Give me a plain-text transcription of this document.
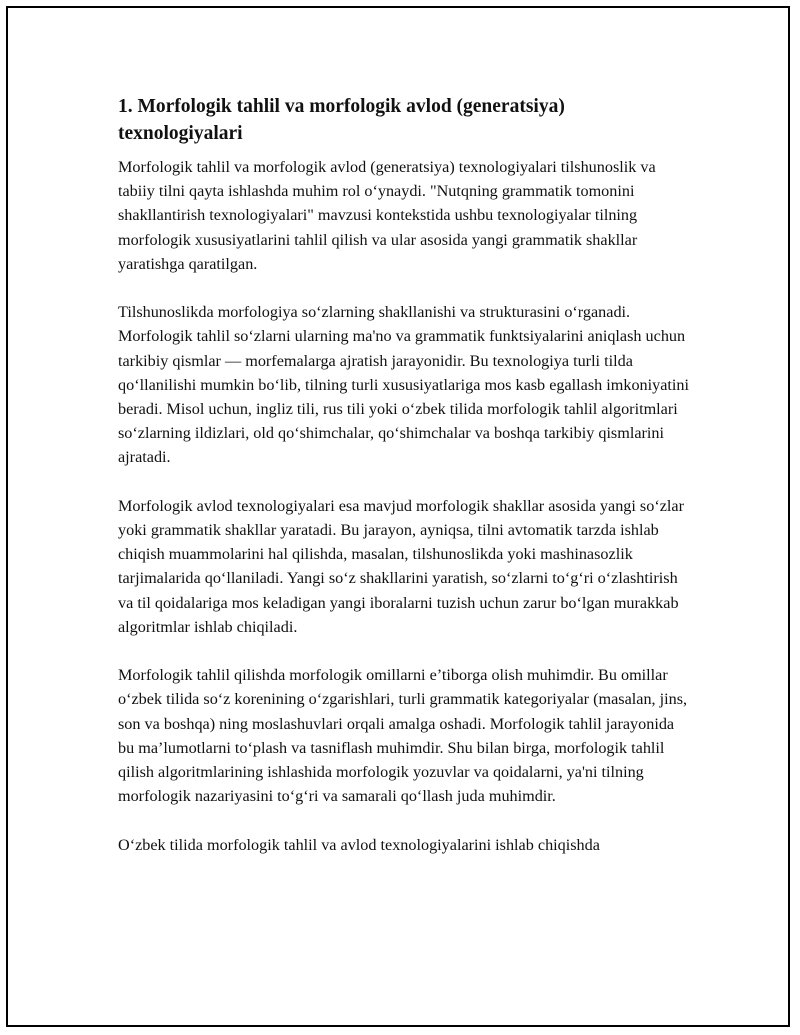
1. Morfologik tahlil va morfologik avlod (generatsiya) texnologiyalari

Morfologik tahlil va morfologik avlod (generatsiya) texnologiyalari tilshunoslik va tabiiy tilni qayta ishlashda muhim rol o‘ynaydi. "Nutqning grammatik tomonini shakllantirish texnologiyalari" mavzusi kontekstida ushbu texnologiyalar tilning morfologik xususiyatlarini tahlil qilish va ular asosida yangi grammatik shakllar yaratishga qaratilgan.

Tilshunoslikda morfologiya so‘zlarning shakllanishi va strukturasini o‘rganadi. Morfologik tahlil so‘zlarni ularning ma'no va grammatik funktsiyalarini aniqlash uchun tarkibiy qismlar — morfemalarga ajratish jarayonidir. Bu texnologiya turli tilda qo‘llanilishi mumkin bo‘lib, tilning turli xususiyatlariga mos kasb egallash imkoniyatini beradi. Misol uchun, ingliz tili, rus tili yoki o‘zbek tilida morfologik tahlil algoritmlari so‘zlarning ildizlari, old qo‘shimchalar, qo‘shimchalar va boshqa tarkibiy qismlarini ajratadi.

Morfologik avlod texnologiyalari esa mavjud morfologik shakllar asosida yangi so‘zlar yoki grammatik shakllar yaratadi. Bu jarayon, ayniqsa, tilni avtomatik tarzda ishlab chiqish muammolarini hal qilishda, masalan, tilshunoslikda yoki mashinasozlik tarjimalarida qo‘llaniladi. Yangi so‘z shakllarini yaratish, so‘zlarni to‘g‘ri o‘zlashtirish va til qoidalariga mos keladigan yangi iboralarni tuzish uchun zarur bo‘lgan murakkab algoritmlar ishlab chiqiladi.

Morfologik tahlil qilishda morfologik omillarni e’tiborga olish muhimdir. Bu omillar o‘zbek tilida so‘z korenining o‘zgarishlari, turli grammatik kategoriyalar (masalan, jins, son va boshqa) ning moslashuvlari orqali amalga oshadi. Morfologik tahlil jarayonida bu ma’lumotlarni to‘plash va tasniflash muhimdir. Shu bilan birga, morfologik tahlil qilish algoritmlarining ishlashida morfologik yozuvlar va qoidalarni, ya'ni tilning morfologik nazariyasini to‘g‘ri va samarali qo‘llash juda muhimdir.

O‘zbek tilida morfologik tahlil va avlod texnologiyalarini ishlab chiqishda
